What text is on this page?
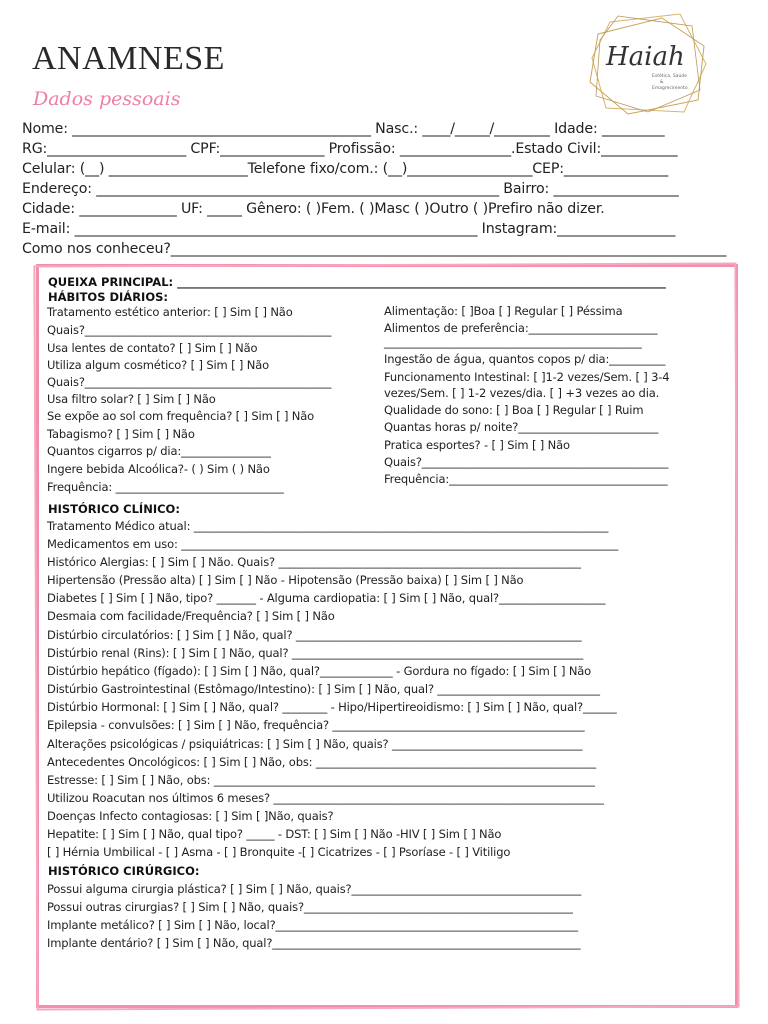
ANAMNESE
Dados pessoais
Haiah
Estética, Saúde
&
Emagrecimento
Nome: ___________________________________________ Nasc.: ____/_____/________ Idade: _________
RG:____________________ CPF:_______________ Profissão: ________________.Estado Civil:___________
Celular: (__) ____________________Telefone fixo/com.: (__)__________________CEP:_______________
Endereço: __________________________________________________________ Bairro: __________________
Cidade: ______________ UF: _____ Gênero: ( )Fem. ( )Masc ( )Outro ( )Prefiro não dizer.
E-mail: __________________________________________________________ Instagram:_________________
Como nos conheceu?________________________________________________________________________________
QUEIXA PRINCIPAL: _____________________________________________________________________________________
HÁBITOS DIÁRIOS:
Tratamento estético anterior: [ ] Sim [ ] Não
Quais?____________________________________________
Usa lentes de contato? [ ] Sim [ ] Não
Utiliza algum cosmético? [ ] Sim [ ] Não
Quais?____________________________________________
Usa filtro solar? [ ] Sim [ ] Não
Se expõe ao sol com frequência? [ ] Sim [ ] Não
Tabagismo? [ ] Sim [ ] Não
Quantos cigarros p/ dia:________________
Ingere bebida Alcoólica?- ( ) Sim ( ) Não
Frequência: ______________________________
Alimentação: [ ]Boa [ ] Regular [ ] Péssima
Alimentos de preferência:_______________________
______________________________________________
Ingestão de água, quantos copos p/ dia:__________
Funcionamento Intestinal: [ ]1-2 vezes/Sem. [ ] 3-4
vezes/Sem. [ ] 1-2 vezes/dia. [ ] +3 vezes ao dia.
Qualidade do sono: [ ] Boa [ ] Regular [ ] Ruim
Quantas horas p/ noite?_________________________
Pratica esportes? - [ ] Sim [ ] Não
Quais?____________________________________________
Frequência:_______________________________________
HISTÓRICO CLÍNICO:
Tratamento Médico atual: __________________________________________________________________________
Medicamentos em uso: ______________________________________________________________________________
Histórico Alergias: [ ] Sim [ ] Não. Quais? ______________________________________________________
Hipertensão (Pressão alta) [ ] Sim [ ] Não - Hipotensão (Pressão baixa) [ ] Sim [ ] Não
Diabetes [ ] Sim [ ] Não, tipo? _______ - Alguma cardiopatia: [ ] Sim [ ] Não, qual?___________________
Desmaia com facilidade/Frequência? [ ] Sim [ ] Não
Distúrbio circulatórios: [ ] Sim [ ] Não, qual? ___________________________________________________
Distúrbio renal (Rins): [ ] Sim [ ] Não, qual? ____________________________________________________
Distúrbio hepático (fígado): [ ] Sim [ ] Não, qual?_____________ - Gordura no fígado: [ ] Sim [ ] Não
Distúrbio Gastrointestinal (Estômago/Intestino): [ ] Sim [ ] Não, qual? _____________________________
Distúrbio Hormonal: [ ] Sim [ ] Não, qual? ________ - Hipo/Hipertireoidismo: [ ] Sim [ ] Não, qual?______
Epilepsia - convulsões: [ ] Sim [ ] Não, frequência? _____________________________________________
Alterações psicológicas / psiquiátricas: [ ] Sim [ ] Não, quais? __________________________________
Antecedentes Oncológicos: [ ] Sim [ ] Não, obs: __________________________________________________
Estresse: [ ] Sim [ ] Não, obs: ____________________________________________________________________
Utilizou Roacutan nos últimos 6 meses? ___________________________________________________________
Doenças Infecto contagiosas: [ ] Sim [ ]Não, quais?
Hepatite: [ ] Sim [ ] Não, qual tipo? _____ - DST: [ ] Sim [ ] Não -HIV [ ] Sim [ ] Não
[ ] Hérnia Umbilical - [ ] Asma - [ ] Bronquite -[ ] Cicatrizes - [ ] Psoríase - [ ] Vitiligo
HISTÓRICO CIRÚRGICO:
Possui alguma cirurgia plástica? [ ] Sim [ ] Não, quais?_________________________________________
Possui outras cirurgias? [ ] Sim [ ] Não, quais?________________________________________________
Implante metálico? [ ] Sim [ ] Não, local?______________________________________________________
Implante dentário? [ ] Sim [ ] Não, qual?_______________________________________________________
